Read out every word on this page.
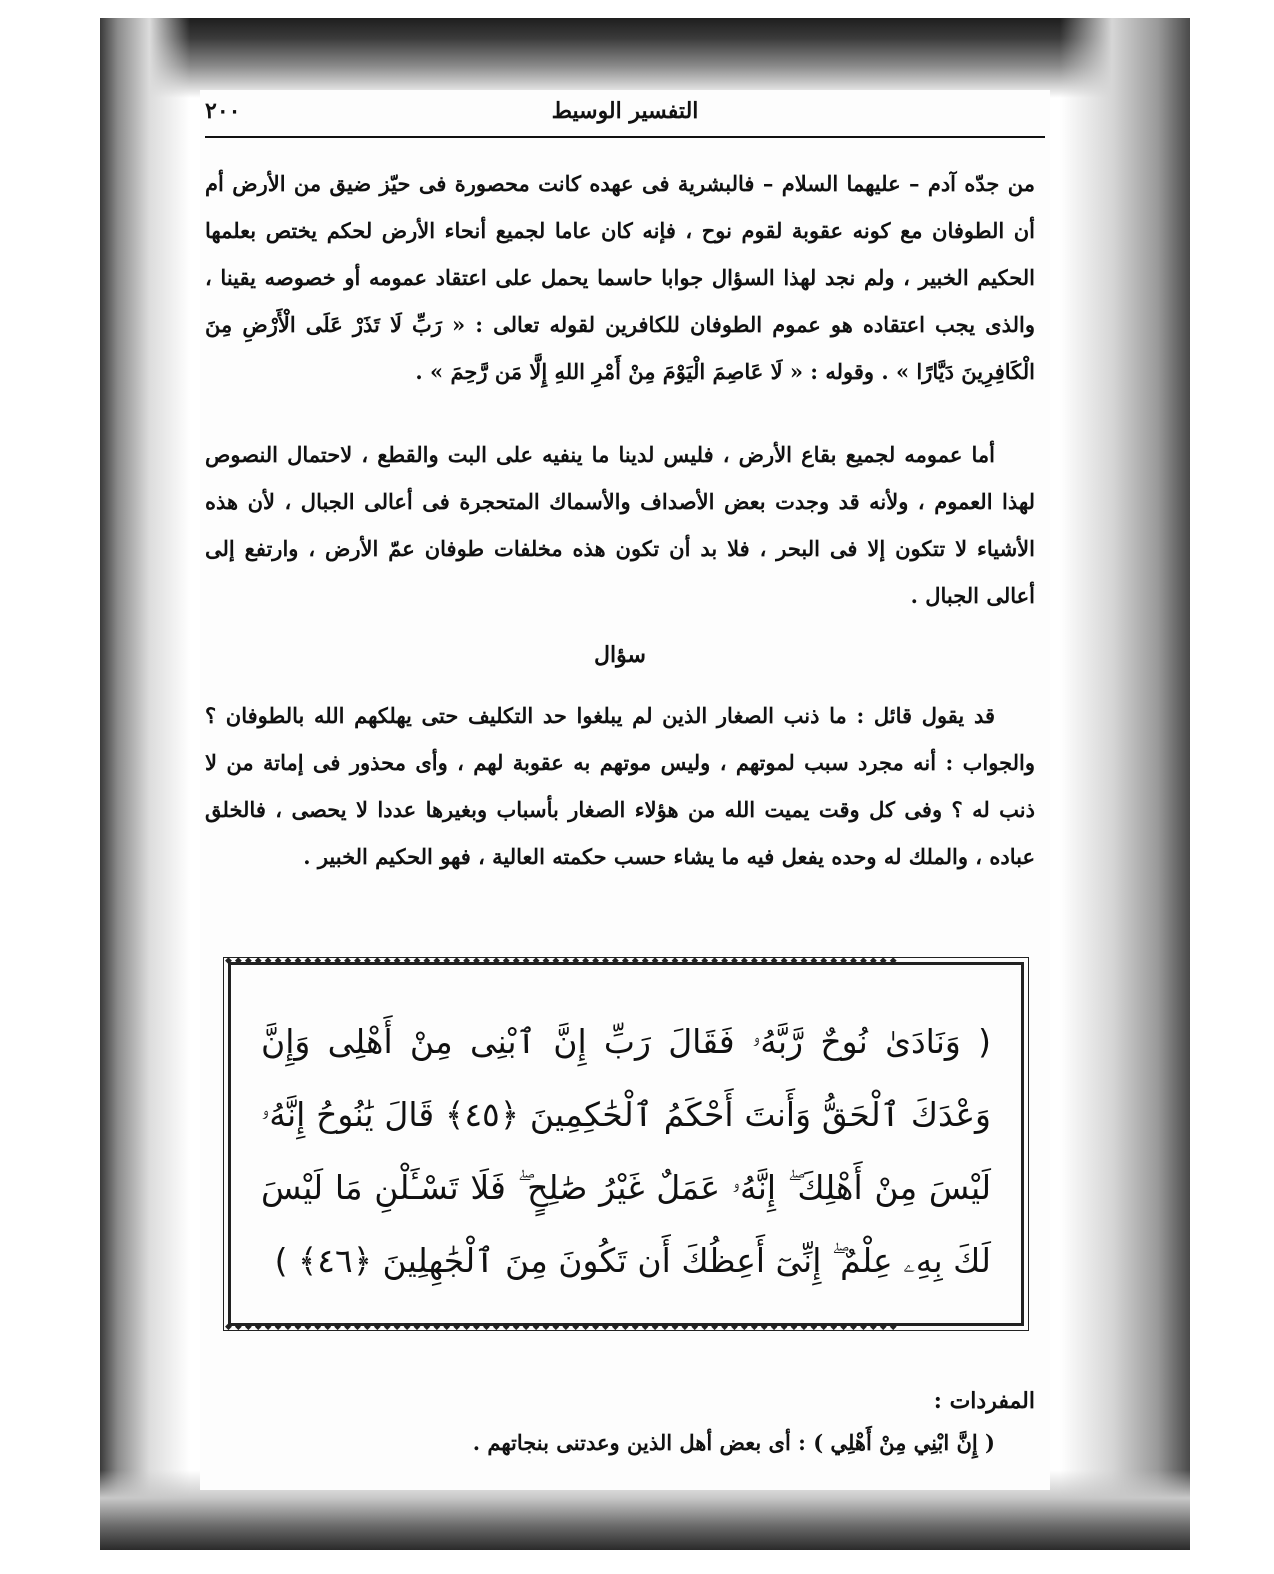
٢٠٠	التفسير الوسيط
من جدّه آدم – عليهما السلام – فالبشرية فى عهده كانت محصورة فى حيّز ضيق من الأرض أم أن الطوفان مع كونه عقوبة لقوم نوح ، فإنه كان عاما لجميع أنحاء الأرض لحكم يختص بعلمها الحكيم الخبير ، ولم نجد لهذا السؤال جوابا حاسما يحمل على اعتقاد عمومه أو خصوصه يقينا ، والذى يجب اعتقاده هو عموم الطوفان للكافرين لقوله تعالى : « رَبِّ لَا تَذَرْ عَلَى الْأَرْضِ مِنَ الْكَافِرِينَ دَيَّارًا » . وقوله : « لَا عَاصِمَ الْيَوْمَ مِنْ أَمْرِ اللهِ إِلَّا مَن رَّحِمَ » .
أما عمومه لجميع بقاع الأرض ، فليس لدينا ما ينفيه على البت والقطع ، لاحتمال النصوص لهذا العموم ، ولأنه قد وجدت بعض الأصداف والأسماك المتحجرة فى أعالى الجبال ، لأن هذه الأشياء لا تتكون إلا فى البحر ، فلا بد أن تكون هذه مخلفات طوفان عمّ الأرض ، وارتفع إلى أعالى الجبال .
سؤال
قد يقول قائل : ما ذنب الصغار الذين لم يبلغوا حد التكليف حتى يهلكهم الله بالطوفان ؟ والجواب : أنه مجرد سبب لموتهم ، وليس موتهم به عقوبة لهم ، وأى محذور فى إماتة من لا ذنب له ؟ وفى كل وقت يميت الله من هؤلاء الصغار بأسباب وبغيرها عددا لا يحصى ، فالخلق عباده ، والملك له وحده يفعل فيه ما يشاء حسب حكمته العالية ، فهو الحكيم الخبير .
◆◆◆◆◆◆◆◆◆◆◆◆◆◆◆◆◆◆◆◆◆◆◆◆◆◆◆◆◆◆◆◆◆◆◆◆◆◆◆◆◆◆◆◆◆◆◆◆◆◆◆◆◆◆◆◆◆◆◆◆◆◆◆◆◆◆◆◆
( وَنَادَىٰ نُوحٌ رَّبَّهُۥ فَقَالَ رَبِّ إِنَّ ٱبْنِى مِنْ أَهْلِى وَإِنَّ وَعْدَكَ ٱلْحَقُّ وَأَنتَ أَحْكَمُ ٱلْحَٰكِمِينَ ﴿٤٥﴾ قَالَ يَٰنُوحُ إِنَّهُۥ لَيْسَ مِنْ أَهْلِكَ ۖ إِنَّهُۥ عَمَلٌ غَيْرُ صَٰلِحٍ ۖ فَلَا تَسْـَٔلْنِ مَا لَيْسَ لَكَ بِهِۦ عِلْمٌ ۖ إِنِّىٓ أَعِظُكَ أَن تَكُونَ مِنَ ٱلْجَٰهِلِينَ ﴿٤٦﴾ )
◆◆◆◆◆◆◆◆◆◆◆◆◆◆◆◆◆◆◆◆◆◆◆◆◆◆◆◆◆◆◆◆◆◆◆◆◆◆◆◆◆◆◆◆◆◆◆◆◆◆◆◆◆◆◆◆◆◆◆◆◆◆◆◆◆◆◆◆
المفردات :
( إِنَّ ابْنِي مِنْ أَهْلِي ) : أى بعض أهل الذين وعدتنى بنجاتهم .
